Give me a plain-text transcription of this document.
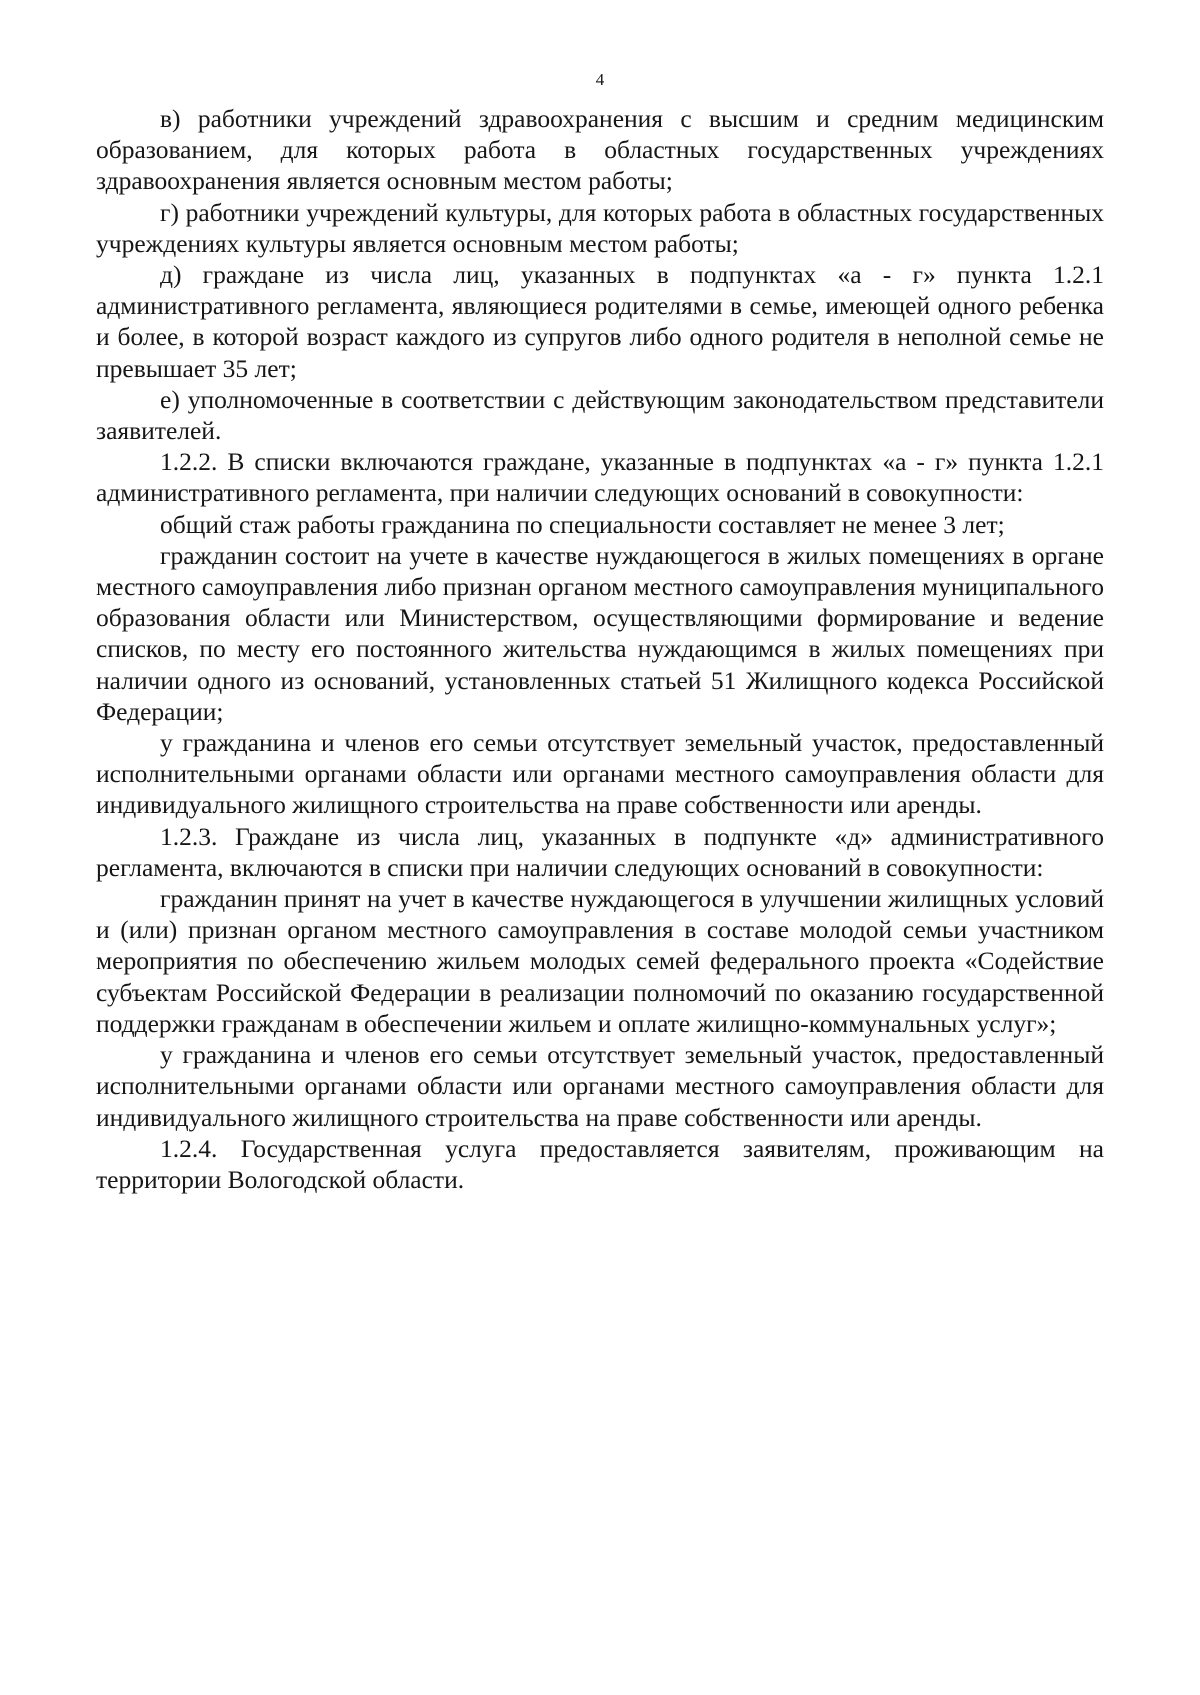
4

в) работники учреждений здравоохранения с высшим и средним медицинским образованием, для которых работа в областных государственных учреждениях здравоохранения является основным местом работы;

г) работники учреждений культуры, для которых работа в областных государственных учреждениях культуры является основным местом работы;

д) граждане из числа лиц, указанных в подпунктах «а - г» пункта 1.2.1 административного регламента, являющиеся родителями в семье, имеющей одного ребенка и более, в которой возраст каждого из супругов либо одного родителя в неполной семье не превышает 35 лет;

е) уполномоченные в соответствии с действующим законодательством представители заявителей.

1.2.2. В списки включаются граждане, указанные в подпунктах «а - г» пункта 1.2.1 административного регламента, при наличии следующих оснований в совокупности:

общий стаж работы гражданина по специальности составляет не менее 3 лет;

гражданин состоит на учете в качестве нуждающегося в жилых помещениях в органе местного самоуправления либо признан органом местного самоуправления муниципального образования области или Министерством, осуществляющими формирование и ведение списков, по месту его постоянного жительства нуждающимся в жилых помещениях при наличии одного из оснований, установленных статьей 51 Жилищного кодекса Российской Федерации;

у гражданина и членов его семьи отсутствует земельный участок, предоставленный исполнительными органами области или органами местного самоуправления области для индивидуального жилищного строительства на праве собственности или аренды.

1.2.3. Граждане из числа лиц, указанных в подпункте «д» административного регламента, включаются в списки при наличии следующих оснований в совокупности:

гражданин принят на учет в качестве нуждающегося в улучшении жилищных условий и (или) признан органом местного самоуправления в составе молодой семьи участником мероприятия по обеспечению жильем молодых семей федерального проекта «Содействие субъектам Российской Федерации в реализации полномочий по оказанию государственной поддержки гражданам в обеспечении жильем и оплате жилищно-коммунальных услуг»;

у гражданина и членов его семьи отсутствует земельный участок, предоставленный исполнительными органами области или органами местного самоуправления области для индивидуального жилищного строительства на праве собственности или аренды.

1.2.4. Государственная услуга предоставляется заявителям, проживающим на территории Вологодской области.
